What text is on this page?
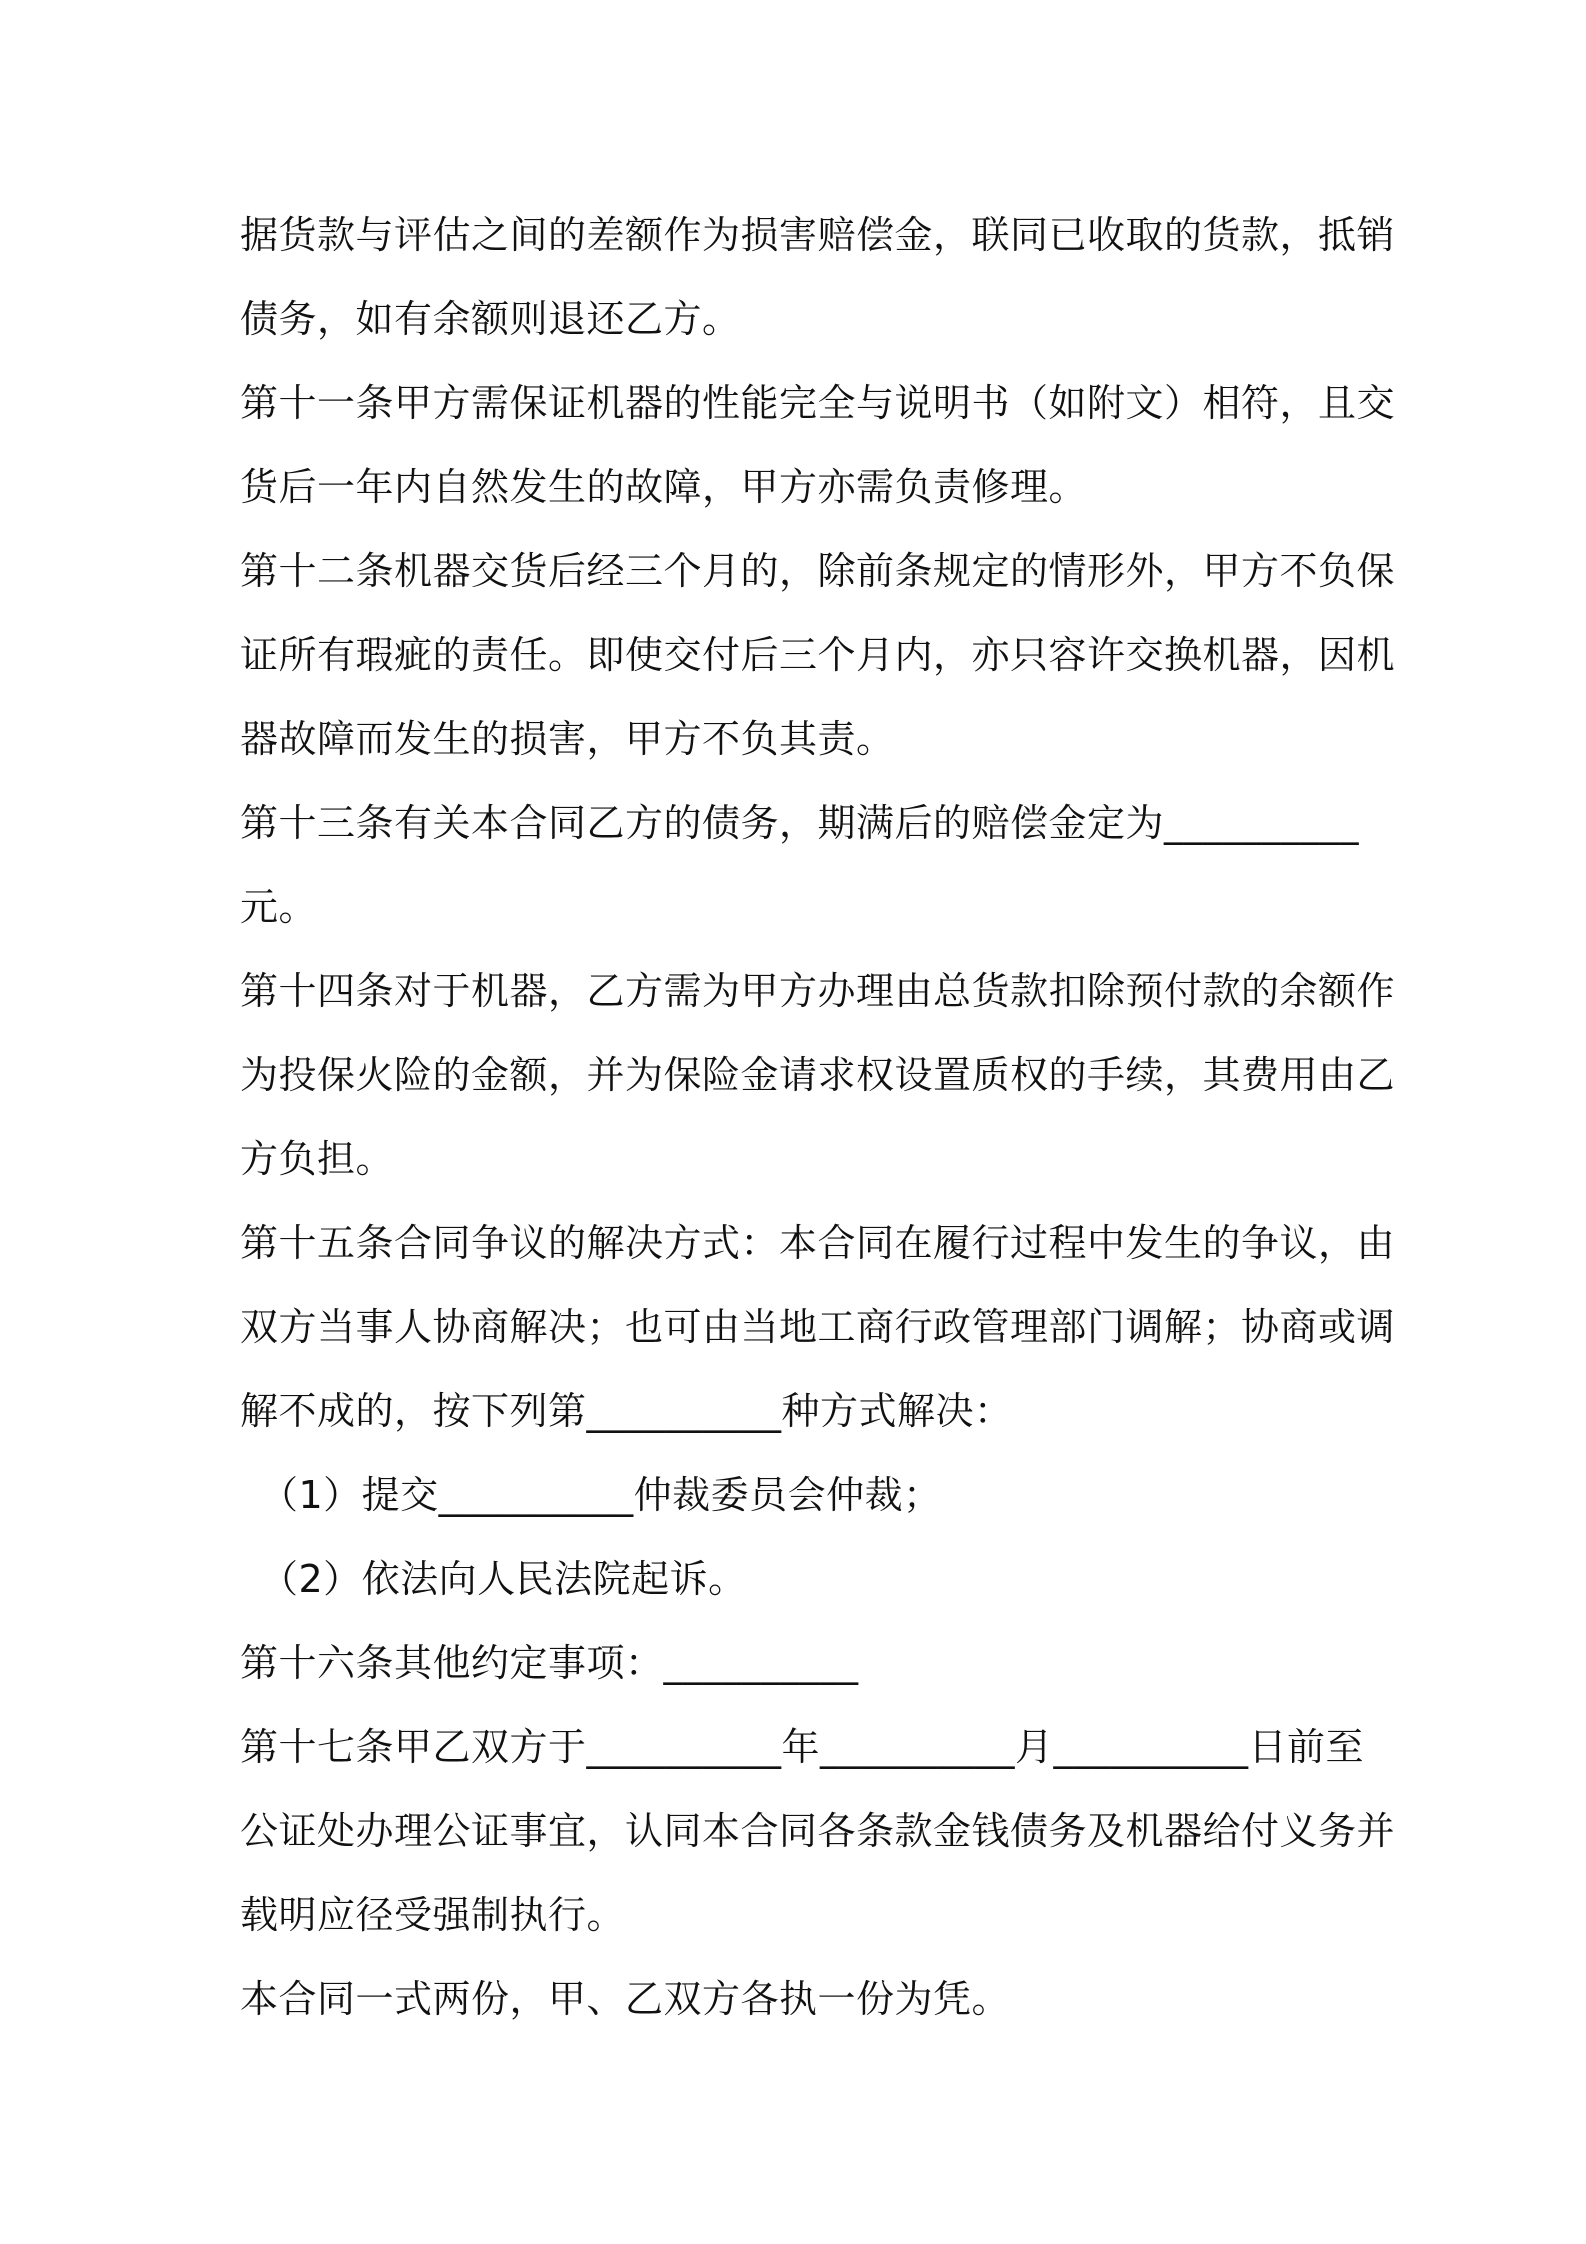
据货款与评估之间的差额作为损害赔偿金，联同已收取的货款，抵销
债务，如有余额则退还乙方。

第十一条甲方需保证机器的性能完全与说明书（如附文）相符，且交
货后一年内自然发生的故障，甲方亦需负责修理。

第十二条机器交货后经三个月的，除前条规定的情形外，甲方不负保
证所有瑕疵的责任。即使交付后三个月内，亦只容许交换机器，因机
器故障而发生的损害，甲方不负其责。

第十三条有关本合同乙方的债务，期满后的赔偿金定为__________
元。

第十四条对于机器，乙方需为甲方办理由总货款扣除预付款的余额作
为投保火险的金额，并为保险金请求权设置质权的手续，其费用由乙
方负担。

第十五条合同争议的解决方式：本合同在履行过程中发生的争议，由
双方当事人协商解决；也可由当地工商行政管理部门调解；协商或调
解不成的，按下列第__________种方式解决：

（1）提交__________仲裁委员会仲裁；

（2）依法向人民法院起诉。

第十六条其他约定事项：__________

第十七条甲乙双方于__________年__________月__________日前至
公证处办理公证事宜，认同本合同各条款金钱债务及机器给付义务并
载明应径受强制执行。

本合同一式两份，甲、乙双方各执一份为凭。
